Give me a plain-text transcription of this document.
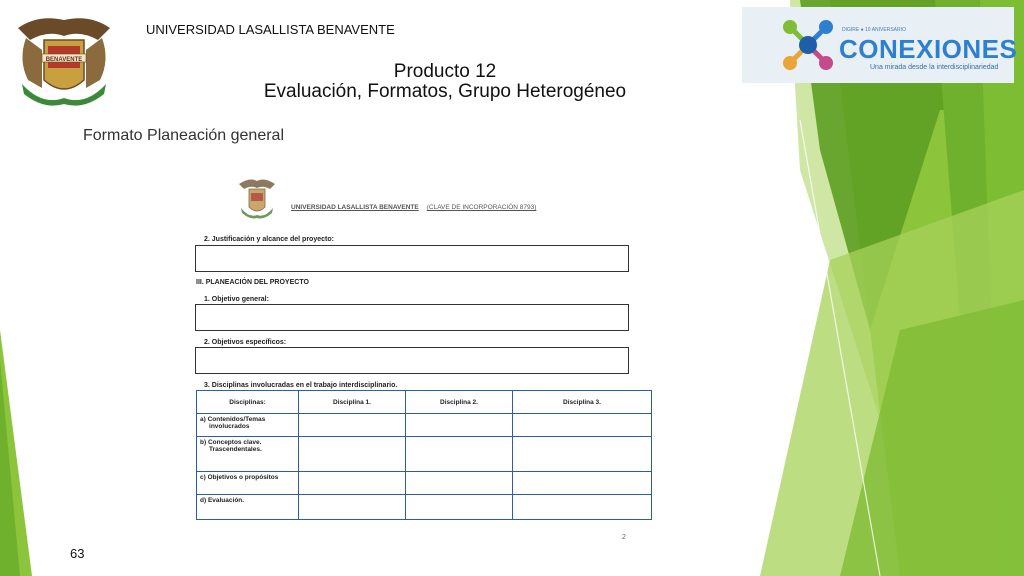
BENAVENTE
UNIVERSIDAD LASALLISTA BENAVENTE
Producto 12
Evaluación, Formatos, Grupo Heterogéneo
Formato Planeación general
DIGIRE ● 10 ANIVERSARIO
CONEXIONES
Una mirada desde la interdisciplinariedad
UNIVERSIDAD LASALLISTA BENAVENTE (CLAVE DE INCORPORACIÓN 8793)
2. Justificación y alcance del proyecto:
III. PLANEACIÓN DEL PROYECTO
1. Objetivo general:
2. Objetivos específicos:
3. Disciplinas involucradas en el trabajo interdisciplinario.
Disciplinas:	Disciplina 1.	Disciplina 2.	Disciplina 3.
a) Contenidos/Temas
involucrados			
b) Conceptos clave.
Trascendentales.			
c) Objetivos o propósitos			
d) Evaluación.			
2
63
